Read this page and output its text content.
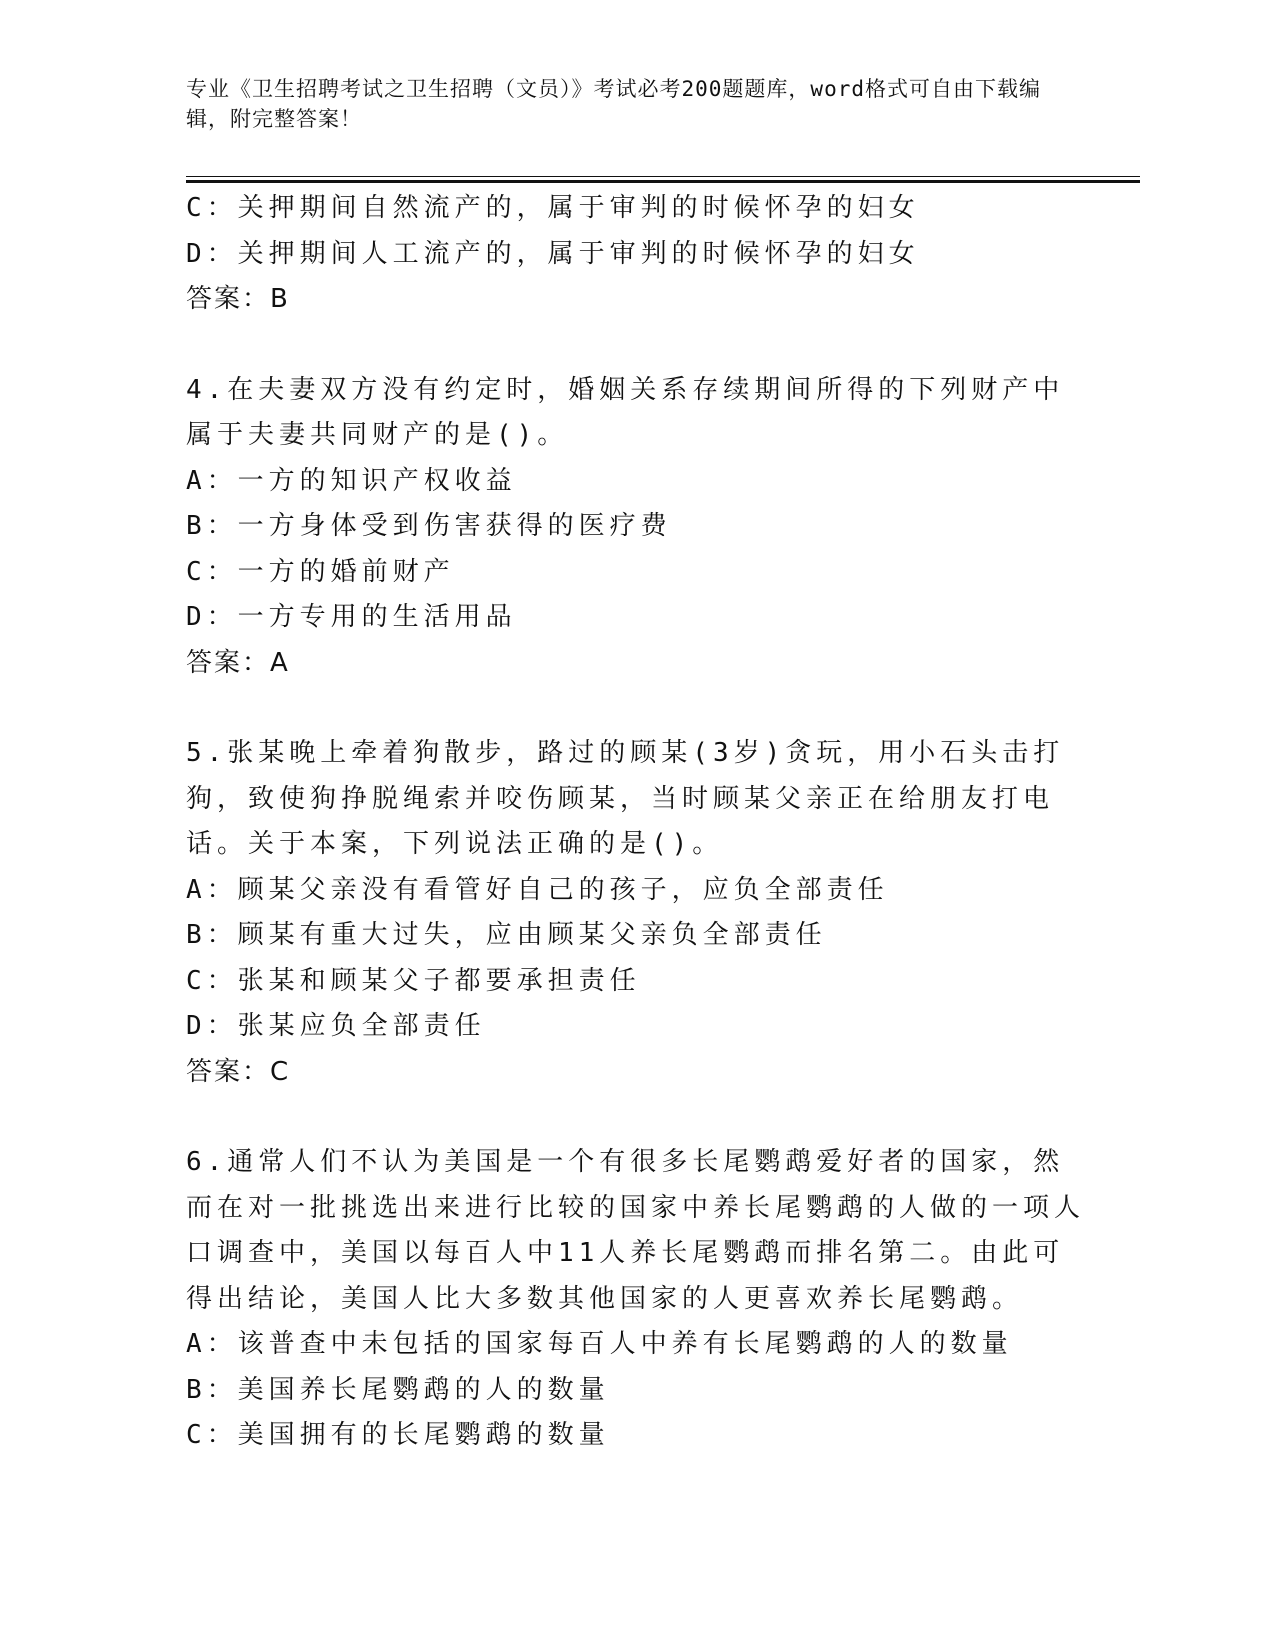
专业《卫生招聘考试之卫生招聘（文员）》考试必考200题题库，word格式可自由下载编辑，附完整答案！
C：关押期间自然流产的，属于审判的时候怀孕的妇女
D：关押期间人工流产的，属于审判的时候怀孕的妇女
答案：B
4.在夫妻双方没有约定时，婚姻关系存续期间所得的下列财产中属于夫妻共同财产的是()。
A：一方的知识产权收益
B：一方身体受到伤害获得的医疗费
C：一方的婚前财产
D：一方专用的生活用品
答案：A
5.张某晚上牵着狗散步，路过的顾某(3岁)贪玩，用小石头击打狗，致使狗挣脱绳索并咬伤顾某，当时顾某父亲正在给朋友打电话。关于本案，下列说法正确的是()。
A：顾某父亲没有看管好自己的孩子，应负全部责任
B：顾某有重大过失，应由顾某父亲负全部责任
C：张某和顾某父子都要承担责任
D：张某应负全部责任
答案：C
6.通常人们不认为美国是一个有很多长尾鹦鹉爱好者的国家，然而在对一批挑选出来进行比较的国家中养长尾鹦鹉的人做的一项人口调查中，美国以每百人中11人养长尾鹦鹉而排名第二。由此可得出结论，美国人比大多数其他国家的人更喜欢养长尾鹦鹉。
A：该普查中未包括的国家每百人中养有长尾鹦鹉的人的数量
B：美国养长尾鹦鹉的人的数量
C：美国拥有的长尾鹦鹉的数量
